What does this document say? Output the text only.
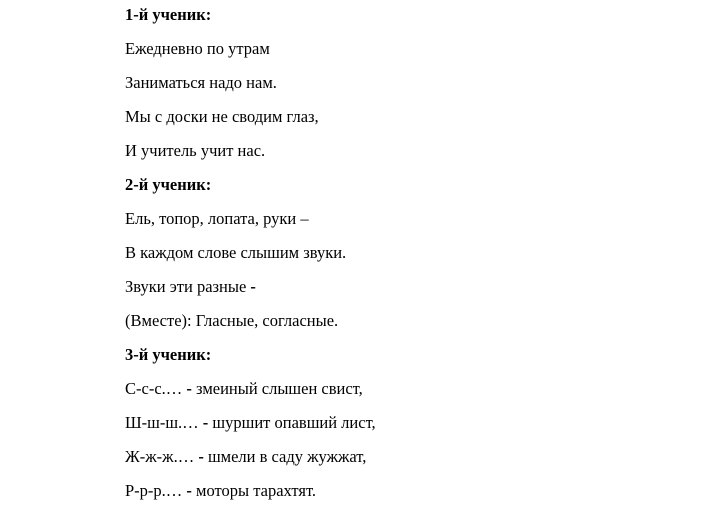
1-й ученик:
Ежедневно по утрам
Заниматься надо нам.
Мы с доски не сводим глаз,
И учитель учит нас.
2-й ученик:
Ель, топор, лопата, руки –
В каждом слове слышим звуки.
Звуки эти разные -
(Вместе): Гласные, согласные.
3-й ученик:
С-с-с.… - змеиный слышен свист,
Ш-ш-ш.… - шуршит опавший лист,
Ж-ж-ж.… - шмели в саду жужжат,
Р-р-р.… - моторы тарахтят.
